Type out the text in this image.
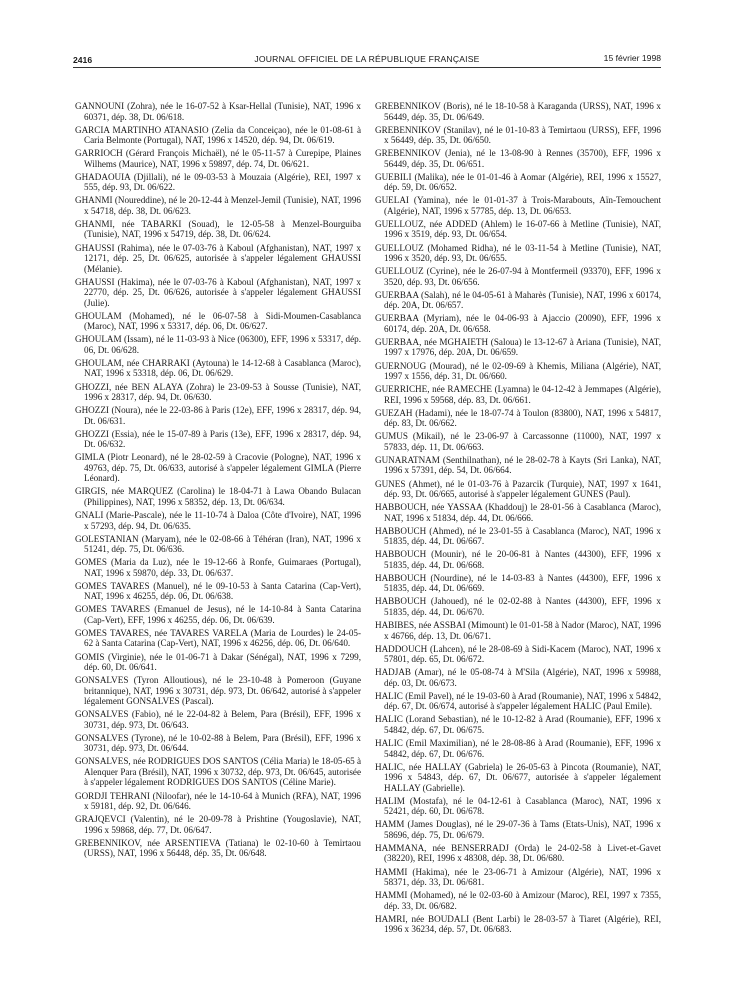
2416	JOURNAL OFFICIEL DE LA RÉPUBLIQUE FRANÇAISE	15 février 1998

GANNOUNI (Zohra), née le 16-07-52 à Ksar-Hellal (Tunisie), NAT, 1996 x 60371, dép. 38, Dt. 06/618.

GARCIA MARTINHO ATANASIO (Zelia da Conceiçao), née le 01-08-61 à Caria Belmonte (Portugal), NAT, 1996 x 14520, dép. 94, Dt. 06/619.

GARRIOCH (Gérard François Michaël), né le 05-11-57 à Curepipe, Plaines Wilhems (Maurice), NAT, 1996 x 59897, dép. 74, Dt. 06/621.

GHADAOUIA (Djillali), né le 09-03-53 à Mouzaia (Algérie), REI, 1997 x 555, dép. 93, Dt. 06/622.

GHANMI (Noureddine), né le 20-12-44 à Menzel-Jemil (Tunisie), NAT, 1996 x 54718, dép. 38, Dt. 06/623.

GHANMI, née TABARKI (Souad), le 12-05-58 à Menzel-Bourguiba (Tunisie), NAT, 1996 x 54719, dép. 38, Dt. 06/624.

GHAUSSI (Rahima), née le 07-03-76 à Kaboul (Afghanistan), NAT, 1997 x 12171, dép. 25, Dt. 06/625, autorisée à s'appeler légalement GHAUSSI (Mélanie).

GHAUSSI (Hakima), née le 07-03-76 à Kaboul (Afghanistan), NAT, 1997 x 22770, dép. 25, Dt. 06/626, autorisée à s'appeler légalement GHAUSSI (Julie).

GHOULAM (Mohamed), né le 06-07-58 à Sidi-Moumen-Casablanca (Maroc), NAT, 1996 x 53317, dép. 06, Dt. 06/627.

GHOULAM (Issam), né le 11-03-93 à Nice (06300), EFF, 1996 x 53317, dép. 06, Dt. 06/628.

GHOULAM, née CHARRAKI (Aytouna) le 14-12-68 à Casablanca (Maroc), NAT, 1996 x 53318, dép. 06, Dt. 06/629.

GHOZZI, née BEN ALAYA (Zohra) le 23-09-53 à Sousse (Tunisie), NAT, 1996 x 28317, dép. 94, Dt. 06/630.

GHOZZI (Noura), née le 22-03-86 à Paris (12e), EFF, 1996 x 28317, dép. 94, Dt. 06/631.

GHOZZI (Essia), née le 15-07-89 à Paris (13e), EFF, 1996 x 28317, dép. 94, Dt. 06/632.

GIMLA (Piotr Leonard), né le 28-02-59 à Cracovie (Pologne), NAT, 1996 x 49763, dép. 75, Dt. 06/633, autorisé à s'appeler légalement GIMLA (Pierre Léonard).

GIRGIS, née MARQUEZ (Carolina) le 18-04-71 à Lawa Obando Bulacan (Philippines), NAT, 1996 x 58352, dép. 13, Dt. 06/634.

GNALI (Marie-Pascale), née le 11-10-74 à Daloa (Côte d'Ivoire), NAT, 1996 x 57293, dép. 94, Dt. 06/635.

GOLESTANIAN (Maryam), née le 02-08-66 à Téhéran (Iran), NAT, 1996 x 51241, dép. 75, Dt. 06/636.

GOMES (Maria da Luz), née le 19-12-66 à Ronfe, Guimaraes (Portugal), NAT, 1996 x 59870, dép. 33, Dt. 06/637.

GOMES TAVARES (Manuel), né le 09-10-53 à Santa Catarina (Cap-Vert), NAT, 1996 x 46255, dép. 06, Dt. 06/638.

GOMES TAVARES (Emanuel de Jesus), né le 14-10-84 à Santa Catarina (Cap-Vert), EFF, 1996 x 46255, dép. 06, Dt. 06/639.

GOMES TAVARES, née TAVARES VARELA (Maria de Lourdes) le 24-05-62 à Santa Catarina (Cap-Vert), NAT, 1996 x 46256, dép. 06, Dt. 06/640.

GOMIS (Virginie), née le 01-06-71 à Dakar (Sénégal), NAT, 1996 x 7299, dép. 60, Dt. 06/641.

GONSALVES (Tyron Alloutious), né le 23-10-48 à Pomeroon (Guyane britannique), NAT, 1996 x 30731, dép. 973, Dt. 06/642, autorisé à s'appeler légalement GONSALVES (Pascal).

GONSALVES (Fabio), né le 22-04-82 à Belem, Para (Brésil), EFF, 1996 x 30731, dép. 973, Dt. 06/643.

GONSALVES (Tyrone), né le 10-02-88 à Belem, Para (Brésil), EFF, 1996 x 30731, dép. 973, Dt. 06/644.

GONSALVES, née RODRIGUES DOS SANTOS (Célia Maria) le 18-05-65 à Alenquer Para (Brésil), NAT, 1996 x 30732, dép. 973, Dt. 06/645, autorisée à s'appeler légalement RODRIGUES DOS SANTOS (Céline Marie).

GORDJI TEHRANI (Niloofar), née le 14-10-64 à Munich (RFA), NAT, 1996 x 59181, dép. 92, Dt. 06/646.

GRAJQEVCI (Valentin), né le 20-09-78 à Prishtine (Yougoslavie), NAT, 1996 x 59868, dép. 77, Dt. 06/647.

GREBENNIKOV, née ARSENTIEVA (Tatiana) le 02-10-60 à Temirtaou (URSS), NAT, 1996 x 56448, dép. 35, Dt. 06/648.

GREBENNIKOV (Boris), né le 18-10-58 à Karaganda (URSS), NAT, 1996 x 56449, dép. 35, Dt. 06/649.

GREBENNIKOV (Stanilav), né le 01-10-83 à Temirtaou (URSS), EFF, 1996 x 56449, dép. 35, Dt. 06/650.

GREBENNIKOV (Jenia), né le 13-08-90 à Rennes (35700), EFF, 1996 x 56449, dép. 35, Dt. 06/651.

GUEBILI (Malika), née le 01-01-46 à Aomar (Algérie), REI, 1996 x 15527, dép. 59, Dt. 06/652.

GUELAI (Yamina), née le 01-01-37 à Trois-Marabouts, Aïn-Temouchent (Algérie), NAT, 1996 x 57785, dép. 13, Dt. 06/653.

GUELLOUZ, née ADDED (Ahlem) le 16-07-66 à Metline (Tunisie), NAT, 1996 x 3519, dép. 93, Dt. 06/654.

GUELLOUZ (Mohamed Ridha), né le 03-11-54 à Metline (Tunisie), NAT, 1996 x 3520, dép. 93, Dt. 06/655.

GUELLOUZ (Cyrine), née le 26-07-94 à Montfermeil (93370), EFF, 1996 x 3520, dép. 93, Dt. 06/656.

GUERBAA (Salah), né le 04-05-61 à Maharès (Tunisie), NAT, 1996 x 60174, dép. 20A, Dt. 06/657.

GUERBAA (Myriam), née le 04-06-93 à Ajaccio (20090), EFF, 1996 x 60174, dép. 20A, Dt. 06/658.

GUERBAA, née MGHAIETH (Saloua) le 13-12-67 à Ariana (Tunisie), NAT, 1997 x 17976, dép. 20A, Dt. 06/659.

GUERNOUG (Mourad), né le 02-09-69 à Khemis, Miliana (Algérie), NAT, 1997 x 1556, dép. 31, Dt. 06/660.

GUERRICHE, née RAMECHE (Lyamna) le 04-12-42 à Jemmapes (Algérie), REI, 1996 x 59568, dép. 83, Dt. 06/661.

GUEZAH (Hadami), née le 18-07-74 à Toulon (83800), NAT, 1996 x 54817, dép. 83, Dt. 06/662.

GUMUS (Mikail), né le 23-06-97 à Carcassonne (11000), NAT, 1997 x 57833, dép. 11, Dt. 06/663.

GUNARATNAM (Senthilnathan), né le 28-02-78 à Kayts (Sri Lanka), NAT, 1996 x 57391, dép. 54, Dt. 06/664.

GUNES (Ahmet), né le 01-03-76 à Pazarcik (Turquie), NAT, 1997 x 1641, dép. 93, Dt. 06/665, autorisé à s'appeler légalement GUNES (Paul).

HABBOUCH, née YASSAA (Khaddouj) le 28-01-56 à Casablanca (Maroc), NAT, 1996 x 51834, dép. 44, Dt. 06/666.

HABBOUCH (Ahmed), né le 23-01-55 à Casablanca (Maroc), NAT, 1996 x 51835, dép. 44, Dt. 06/667.

HABBOUCH (Mounir), né le 20-06-81 à Nantes (44300), EFF, 1996 x 51835, dép. 44, Dt. 06/668.

HABBOUCH (Nourdine), né le 14-03-83 à Nantes (44300), EFF, 1996 x 51835, dép. 44, Dt. 06/669.

HABBOUCH (Jahoued), né le 02-02-88 à Nantes (44300), EFF, 1996 x 51835, dép. 44, Dt. 06/670.

HABIBES, née ASSBAI (Mimount) le 01-01-58 à Nador (Maroc), NAT, 1996 x 46766, dép. 13, Dt. 06/671.

HADDOUCH (Lahcen), né le 28-08-69 à Sidi-Kacem (Maroc), NAT, 1996 x 57801, dép. 65, Dt. 06/672.

HADJAB (Amar), né le 05-08-74 à M'Sila (Algérie), NAT, 1996 x 59988, dép. 03, Dt. 06/673.

HALIC (Emil Pavel), né le 19-03-60 à Arad (Roumanie), NAT, 1996 x 54842, dép. 67, Dt. 06/674, autorisé à s'appeler légalement HALIC (Paul Emile).

HALIC (Lorand Sebastian), né le 10-12-82 à Arad (Roumanie), EFF, 1996 x 54842, dép. 67, Dt. 06/675.

HALIC (Emil Maximilian), né le 28-08-86 à Arad (Roumanie), EFF, 1996 x 54842, dép. 67, Dt. 06/676.

HALIC, née HALLAY (Gabriela) le 26-05-63 à Pincota (Roumanie), NAT, 1996 x 54843, dép. 67, Dt. 06/677, autorisée à s'appeler légalement HALLAY (Gabrielle).

HALIM (Mostafa), né le 04-12-61 à Casablanca (Maroc), NAT, 1996 x 52421, dép. 60, Dt. 06/678.

HAMM (James Douglas), né le 29-07-36 à Tams (Etats-Unis), NAT, 1996 x 58696, dép. 75, Dt. 06/679.

HAMMANA, née BENSERRADJ (Orda) le 24-02-58 à Livet-et-Gavet (38220), REI, 1996 x 48308, dép. 38, Dt. 06/680.

HAMMI (Hakima), née le 23-06-71 à Amizour (Algérie), NAT, 1996 x 58371, dép. 33, Dt. 06/681.

HAMMI (Mohamed), né le 02-03-60 à Amizour (Maroc), REI, 1997 x 7355, dép. 33, Dt. 06/682.

HAMRI, née BOUDALI (Bent Larbi) le 28-03-57 à Tiaret (Algérie), REI, 1996 x 36234, dép. 57, Dt. 06/683.
